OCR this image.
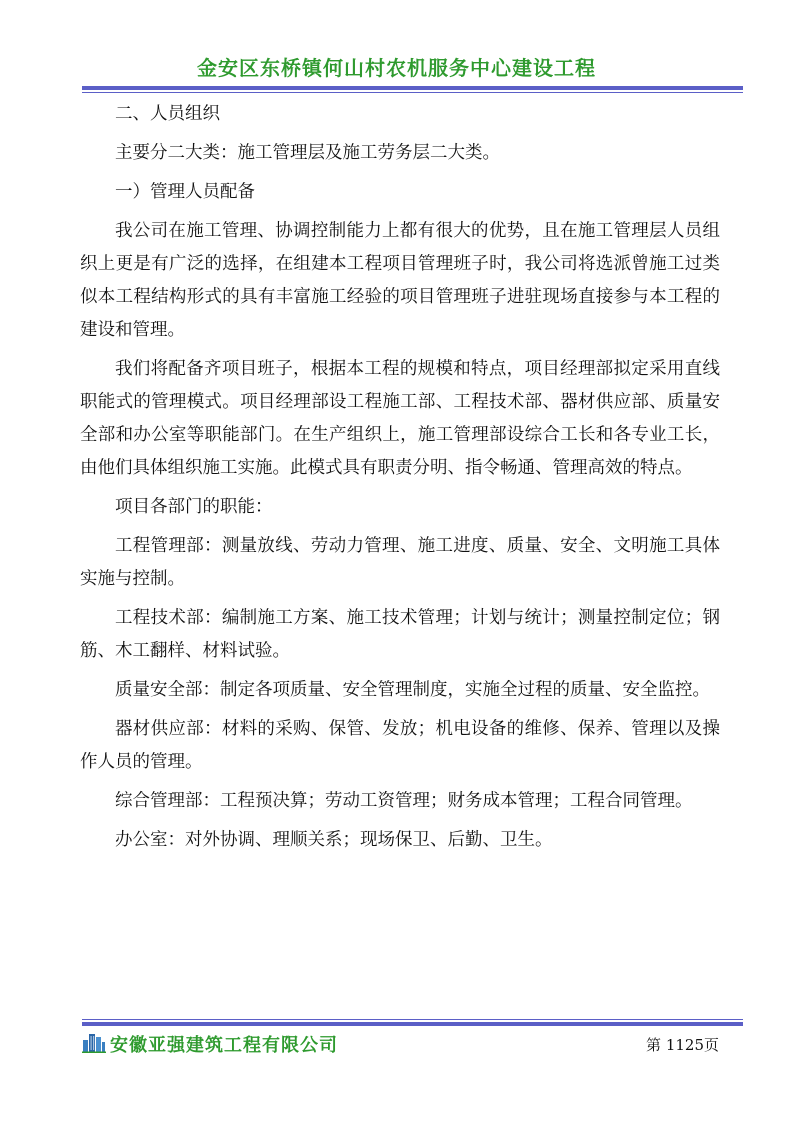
金安区东桥镇何山村农机服务中心建设工程

二、人员组织

主要分二大类：施工管理层及施工劳务层二大类。

一）管理人员配备

我公司在施工管理、协调控制能力上都有很大的优势，且在施工管理层人员组织上更是有广泛的选择，在组建本工程项目管理班子时，我公司将选派曾施工过类似本工程结构形式的具有丰富施工经验的项目管理班子进驻现场直接参与本工程的建设和管理。

我们将配备齐项目班子，根据本工程的规模和特点，项目经理部拟定采用直线职能式的管理模式。项目经理部设工程施工部、工程技术部、器材供应部、质量安全部和办公室等职能部门。在生产组织上，施工管理部设综合工长和各专业工长，由他们具体组织施工实施。此模式具有职责分明、指令畅通、管理高效的特点。

项目各部门的职能：

工程管理部：测量放线、劳动力管理、施工进度、质量、安全、文明施工具体实施与控制。

工程技术部：编制施工方案、施工技术管理；计划与统计；测量控制定位；钢筋、木工翻样、材料试验。

质量安全部：制定各项质量、安全管理制度，实施全过程的质量、安全监控。

器材供应部：材料的采购、保管、发放；机电设备的维修、保养、管理以及操作人员的管理。

综合管理部：工程预决算；劳动工资管理；财务成本管理；工程合同管理。

办公室：对外协调、理顺关系；现场保卫、后勤、卫生。

安徽亚强建筑工程有限公司	第 1125页
